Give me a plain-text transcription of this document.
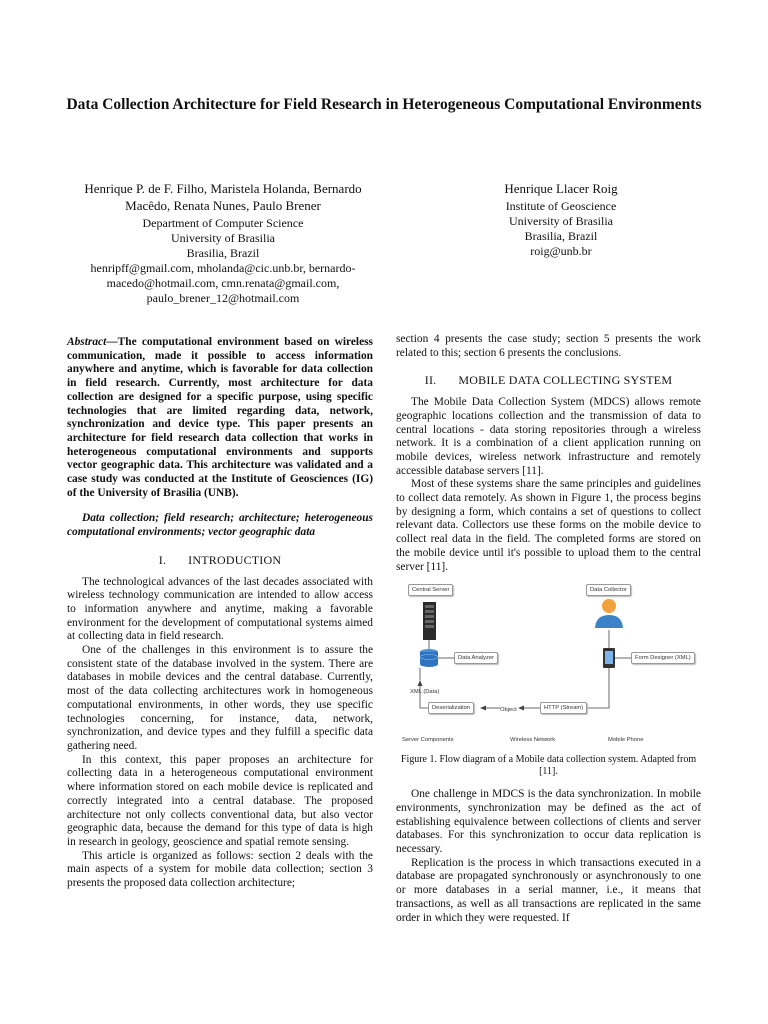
Data Collection Architecture for Field Research in Heterogeneous Computational Environments
Henrique P. de F. Filho, Maristela Holanda, Bernardo Macêdo, Renata Nunes, Paulo Brener
Department of Computer Science
University of Brasilia
Brasilia, Brazil
henripff@gmail.com, mholanda@cic.unb.br, bernardo-macedo@hotmail.com, cmn.renata@gmail.com, paulo_brener_12@hotmail.com
Henrique Llacer Roig
Institute of Geoscience
University of Brasilia
Brasilia, Brazil
roig@unb.br

Abstract—The computational environment based on wireless communication, made it possible to access information anywhere and anytime, which is favorable for data collection in field research. Currently, most architecture for data collection are designed for a specific purpose, using specific technologies that are limited regarding data, network, synchronization and device type. This paper presents an architecture for field research data collection that works in heterogeneous computational environments and supports vector geographic data. This architecture was validated and a case study was conducted at the Institute of Geosciences (IG) of the University of Brasilia (UNB).

Data collection; field research; architecture; heterogeneous computational environments; vector geographic data

I. INTRODUCTION

The technological advances of the last decades associated with wireless technology communication are intended to allow access to information anywhere and anytime, making a favorable environment for the development of computational systems aimed at collecting data in field research.

One of the challenges in this environment is to assure the consistent state of the database involved in the system. There are databases in mobile devices and the central database. Currently, most of the data collecting architectures work in homogeneous computational environments, in other words, they use specific technologies concerning, for instance, data, network, synchronization, and device types and they fulfill a specific data gathering need.

In this context, this paper proposes an architecture for collecting data in a heterogeneous computational environment where information stored on each mobile device is replicated and correctly integrated into a central database. The proposed architecture not only collects conventional data, but also vector geographic data, because the demand for this type of data is high in research in geology, geoscience and spatial remote sensing.

This article is organized as follows: section 2 deals with the main aspects of a system for mobile data collection; section 3 presents the proposed data collection architecture;

section 4 presents the case study; section 5 presents the work related to this; section 6 presents the conclusions.

II. MOBILE DATA COLLECTING SYSTEM

The Mobile Data Collection System (MDCS) allows remote geographic locations collection and the transmission of data to central locations - data storing repositories through a wireless network. It is a combination of a client application running on mobile devices, wireless network infrastructure and remotely accessible database servers [11].

Most of these systems share the same principles and guidelines to collect data remotely. As shown in Figure 1, the process begins by designing a form, which contains a set of questions to collect relevant data. Collectors use these forms on the mobile device to collect real data in the field. The completed forms are stored on the mobile device until it's possible to upload them to the central server [11].

Central Server	Data Collector
Data Analyzer	Form Designer (XML)
XML (Data)
Deserialization	Object	HTTP (Stream)
Server Components	Wireless Network	Mobile Phone
Figure 1. Flow diagram of a Mobile data collection system. Adapted from [11].

One challenge in MDCS is the data synchronization. In mobile environments, synchronization may be defined as the act of establishing equivalence between collections of clients and server databases. For this synchronization to occur data replication is necessary.

Replication is the process in which transactions executed in a database are propagated synchronously or asynchronously to one or more databases in a serial manner, i.e., it means that transactions, as well as all transactions are replicated in the same order in which they were requested. If
